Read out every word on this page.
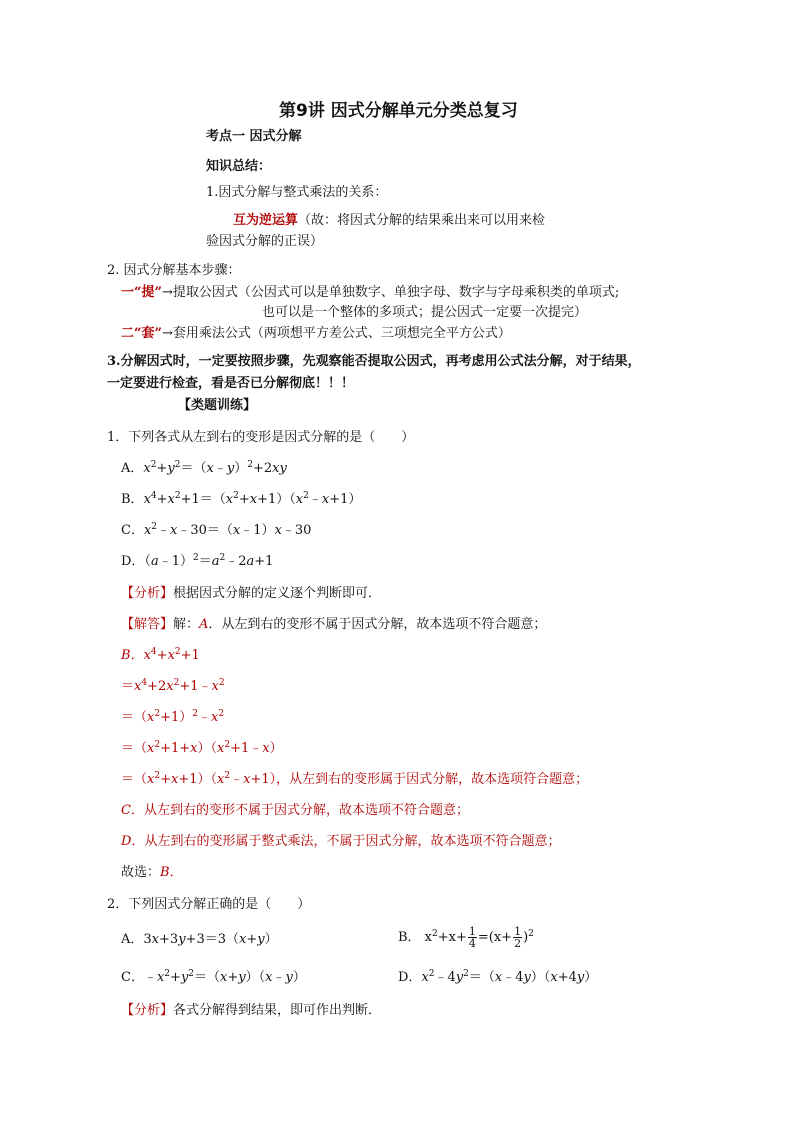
第9讲 因式分解单元分类总复习
考点一 因式分解
知识总结：
1.因式分解与整式乘法的关系：
互为逆运算（故：将因式分解的结果乘出来可以用来检
验因式分解的正误）
2. 因式分解基本步骤：
一“提”→提取公因式（公因式可以是单独数字、单独字母、数字与字母乘积类的单项式;
也可以是一个整体的多项式；提公因式一定要一次提完）
二“套”→套用乘法公式（两项想平方差公式、三项想完全平方公式）
3.分解因式时，一定要按照步骤，先观察能否提取公因式，再考虑用公式法分解，对于结果，
一定要进行检查，看是否已分解彻底！！！
【类题训练】
1．下列各式从左到右的变形是因式分解的是（　　）
A．$x^2+y^2=(x﹣y)^2+2xy$
B．$x^4+x^2+1=(x^2+x+1)(x^2﹣x+1)$
C．$x^2﹣x﹣30=(x﹣1)x﹣30$
D．$(a﹣1)^2=a^2﹣2a+1$
【分析】根据因式分解的定义逐个判断即可．
【解答】解：A．从左到右的变形不属于因式分解，故本选项不符合题意；
B．$x^4+x^2+1$
$=x^4+2x^2+1﹣x^2$
$=(x^2+1)^2﹣x^2$
$=(x^2+1+x)(x^2+1﹣x)$
$=(x^2+x+1)(x^2﹣x+1)$，从左到右的变形属于因式分解，故本选项符合题意；
C．从左到右的变形不属于因式分解，故本选项不符合题意；
D．从左到右的变形属于整式乘法，不属于因式分解，故本选项不符合题意；
故选：B．
2．下列因式分解正确的是（　　）
A．3x+3y+3＝3（x+y）	B． $x^2+x+ \frac{1}{4} =(x+ \frac{1}{2} )^2$
C．$﹣x^2+y^2=(x+y)(x﹣y)$	D．$x^2﹣4y^2=(x﹣4y)(x+4y)$
【分析】各式分解得到结果，即可作出判断．
